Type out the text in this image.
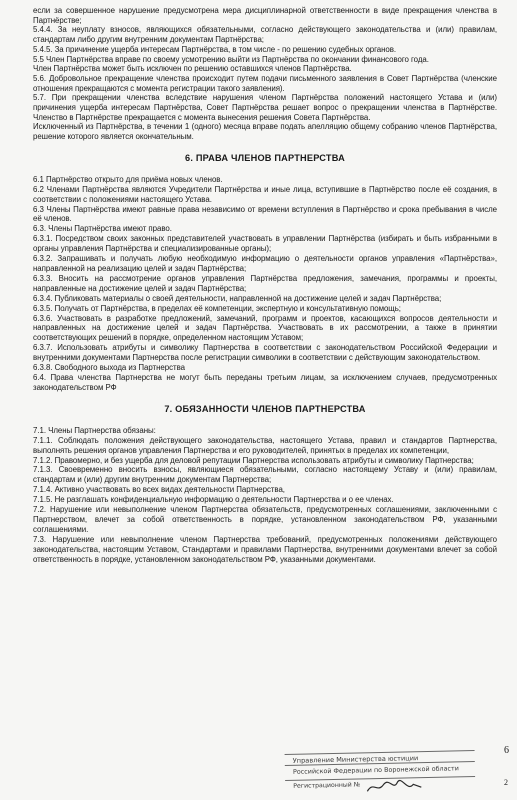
если за совершенное нарушение предусмотрена мера дисциплинарной ответственности в виде прекращения членства в Партнёрстве;

5.4.4. За неуплату взносов, являющихся обязательными, согласно действующего законодательства и (или) правилам, стандартам либо другим внутренним документам Партнёрства;

5.4.5. За причинение ущерба интересам Партнёрства, в том числе - по решению судебных органов.

5.5 Член Партнёрства вправе по своему усмотрению выйти из Партнёрства по окончании финансового года.

Член Партнёрства может быть исключен по решению оставшихся членов Партнёрства.

5.6. Добровольное прекращение членства происходит путем подачи письменного заявления в Совет Партнёрства (членские отношения прекращаются с момента регистрации такого заявления).

5.7. При прекращении членства вследствие нарушения членом Партнёрства положений настоящего Устава и (или) причинения ущерба интересам Партнёрства, Совет Партнёрства решает вопрос о прекращении членства в Партнёрстве. Членство в Партнёрстве прекращается с момента вынесения решения Совета Партнёрства.

Исключенный из Партнёрства, в течении 1 (одного) месяца вправе подать апелляцию общему собранию членов Партнёрства, решение которого является окончательным.

6. ПРАВА ЧЛЕНОВ ПАРТНЕРСТВА

6.1 Партнёрство открыто для приёма новых членов.

6.2 Членами Партнёрства являются Учредители Партнёрства и иные лица, вступившие в Партнёрство после её создания, в соответствии с положениями настоящего Устава.

6.3 Члены Партнёрства имеют равные права независимо от времени вступления в Партнёрство и срока пребывания в числе её членов.

6.3. Члены Партнёрства имеют право.

6.3.1. Посредством своих законных представителей участвовать в управлении Партнёрства (избирать и быть избранными в органы управления Партнёрства и специализированные органы);

6.3.2. Запрашивать и получать любую необходимую информацию о деятельности органов управления «Партнёрства», направленной на реализацию целей и задач Партнёрства;

6.3.3. Вносить на рассмотрение органов управления Партнёрства предложения, замечания, программы и проекты, направленные на достижение целей и задач Партнёрства;

6.3.4. Публиковать материалы о своей деятельности, направленной на достижение целей и задач Партнёрства;

6.3.5. Получать от Партнёрства, в пределах её компетенции, экспертную и консультативную помощь;

6.3.6. Участвовать в разработке предложений, замечаний, программ и проектов, касающихся вопросов деятельности и направленных на достижение целей и задач Партнёрства. Участвовать в их рассмотрении, а также в принятии соответствующих решений в порядке, определенном настоящим Уставом;

6.3.7. Использовать атрибуты и символику Партнерства в соответствии с законодательством Российской Федерации и внутренними документами Партнерства после регистрации символики в соответствии с действующим законодательством.

6.3.8. Свободного выхода из Партнерства

6.4. Права членства Партнерства не могут быть переданы третьим лицам, за исключением случаев, предусмотренных законодательством РФ

7. ОБЯЗАННОСТИ ЧЛЕНОВ ПАРТНЕРСТВА

7.1. Члены Партнерства обязаны:

7.1.1. Соблюдать положения действующего законодательства, настоящего Устава, правил и стандартов Партнерства, выполнять решения органов управления Партнерства и его руководителей, принятых в пределах их компетенции,

7.1.2. Правомерно, и без ущерба для деловой репутации Партнерства использовать атрибуты и символику Партнерства;

7.1.3. Своевременно вносить взносы, являющиеся обязательными, согласно настоящему Уставу и (или) правилам, стандартам и (или) другим внутренним документам Партнерства;

7.1.4. Активно участвовать во всех видах деятельности Партнерства,

7.1.5. Не разглашать конфиденциальную информацию о деятельности Партнерства и о ее членах.

7.2. Нарушение или невыполнение членом Партнерства обязательств, предусмотренных соглашениями, заключенными с Партнерством, влечет за собой ответственность в порядке, установленном законодательством РФ, указанными соглашениями.

7.3. Нарушение или невыполнение членом Партнерства требований, предусмотренных положениями действующего законодательства, настоящим Уставом, Стандартами и правилами Партнерства, внутренними документами влечет за собой ответственность в порядке, установленном законодательством РФ, указанными документами.

Управление Министерства юстиции
Российской Федерации по Воронежской области
Регистрационный №
6
2
